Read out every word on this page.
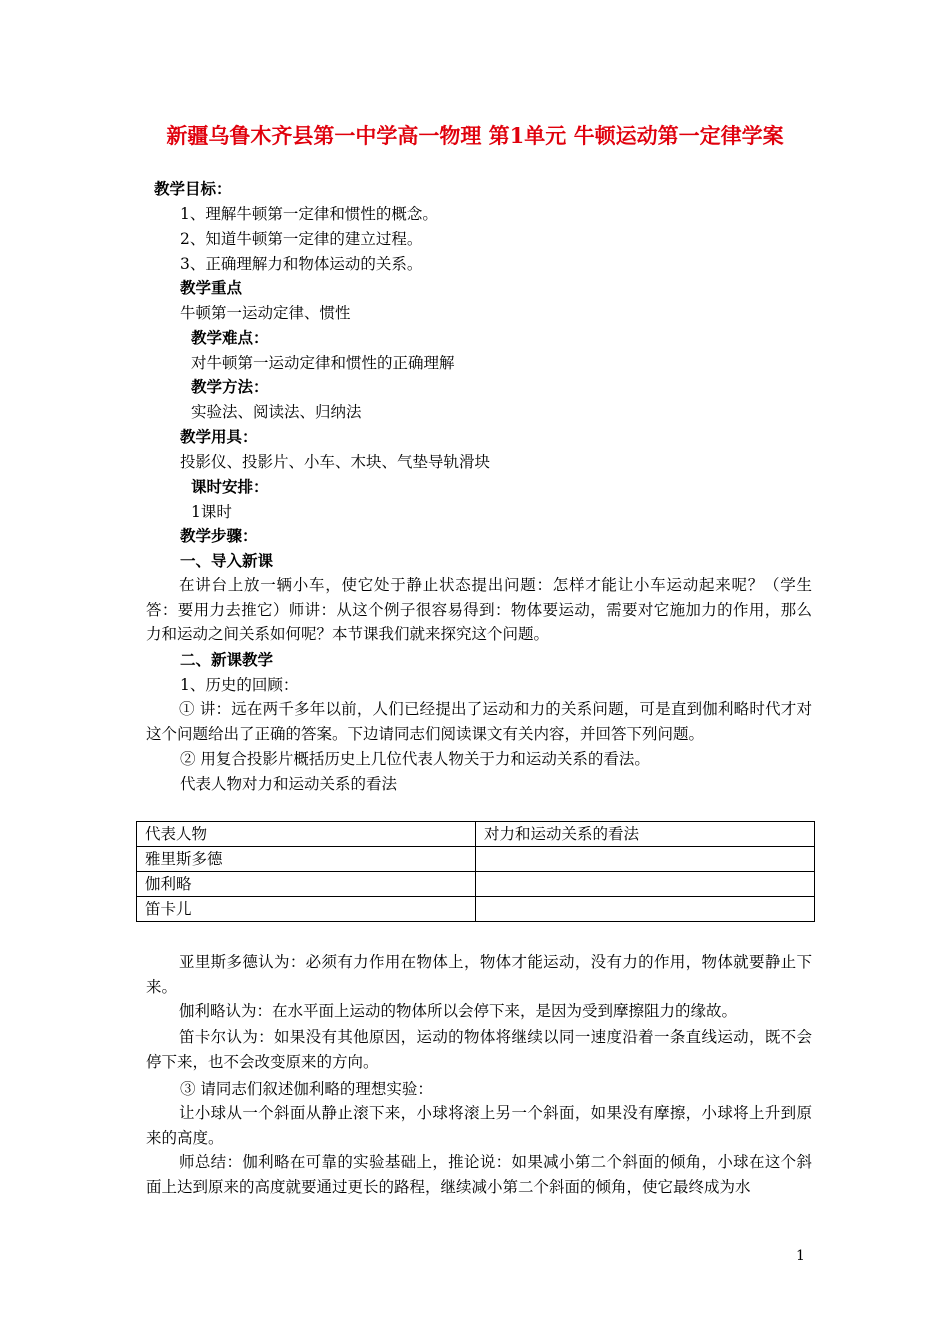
新疆乌鲁木齐县第一中学高一物理 第1单元 牛顿运动第一定律学案
教学目标：
1、理解牛顿第一定律和惯性的概念。
2、知道牛顿第一定律的建立过程。
3、正确理解力和物体运动的关系。
教学重点
牛顿第一运动定律、惯性
教学难点：
对牛顿第一运动定律和惯性的正确理解
教学方法：
实验法、阅读法、归纳法
教学用具：
投影仪、投影片、小车、木块、气垫导轨滑块
课时安排：
1课时
教学步骤：
一、导入新课
在讲台上放一辆小车，使它处于静止状态提出问题：怎样才能让小车运动起来呢？（学生答：要用力去推它）师讲：从这个例子很容易得到：物体要运动，需要对它施加力的作用，那么力和运动之间关系如何呢？本节课我们就来探究这个问题。
二、新课教学
1、历史的回顾：
① 讲：远在两千多年以前，人们已经提出了运动和力的关系问题，可是直到伽利略时代才对这个问题给出了正确的答案。下边请同志们阅读课文有关内容，并回答下列问题。
② 用复合投影片概括历史上几位代表人物关于力和运动关系的看法。
代表人物对力和运动关系的看法
代表人物	对力和运动关系的看法
雅里斯多德	
伽利略	
笛卡儿	
亚里斯多德认为：必须有力作用在物体上，物体才能运动，没有力的作用，物体就要静止下来。
伽利略认为：在水平面上运动的物体所以会停下来，是因为受到摩擦阻力的缘故。
笛卡尔认为：如果没有其他原因，运动的物体将继续以同一速度沿着一条直线运动，既不会停下来，也不会改变原来的方向。
③ 请同志们叙述伽利略的理想实验：
让小球从一个斜面从静止滚下来，小球将滚上另一个斜面，如果没有摩擦，小球将上升到原来的高度。
师总结：伽利略在可靠的实验基础上，推论说：如果减小第二个斜面的倾角，小球在这个斜面上达到原来的高度就要通过更长的路程，继续减小第二个斜面的倾角，使它最终成为水
1
